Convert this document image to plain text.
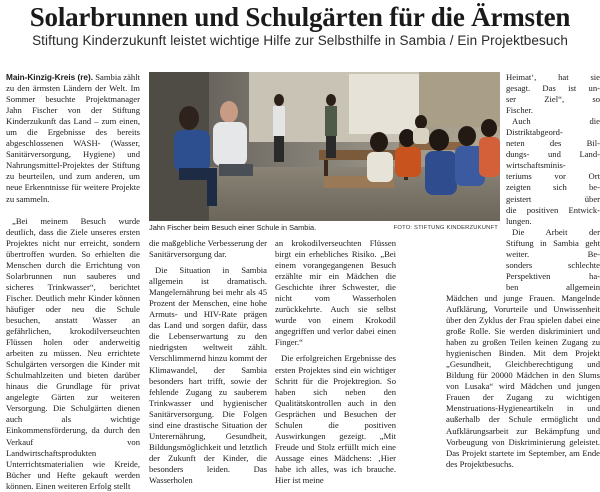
Solarbrunnen und Schulgärten für die Ärmsten
Stiftung Kinderzukunft leistet wichtige Hilfe zur Selbsthilfe in Sambia / Ein Projektbesuch

Main-Kinzig-Kreis (re). Sambia zählt zu den ärmsten Ländern der Welt. Im Sommer besuchte Projektmanager Jahn Fischer von der Stiftung Kinderzukunft das Land – zum einen, um die Ergebnisse des bereits abgeschlossenen WASH- (Wasser, Sanitärversorgung, Hygiene) und Nahrungsmittel-Projektes der Stiftung zu beurteilen, und zum anderen, um neue Erkenntnisse für weitere Projekte zu sammeln.

„Bei meinem Besuch wurde deutlich, dass die Ziele unseres ersten Projektes nicht nur erreicht, sondern übertroffen wurden. So erhielten die Menschen durch die Errichtung von Solarbrunnen nun sauberes und sicheres Trinkwasser“, berichtet Fischer. Deutlich mehr Kinder können häufiger oder neu die Schule besuchen, anstatt Wasser an gefährlichen, krokodilverseuchten Flüssen holen oder anderweitig arbeiten zu müssen. Neu errichtete Schulgärten versorgen die Kinder mit Schulmahlzeiten und bieten darüber hinaus die Grundlage für privat angelegte Gärten zur weiteren Versorgung. Die Schulgärten dienen auch als wichtige Einkommensförderung, da durch den Verkauf von Landwirtschaftsprodukten Unterrichtsmaterialien wie Kreide, Bücher und Hefte gekauft werden können. Einen weiteren Erfolg stellt

Jahn Fischer beim Besuch einer Schule in Sambia.	FOTO: STIFTUNG KINDERZUKUNFT

die maßgebliche Verbesserung der Sanitärversorgung dar.

Die Situation in Sambia allgemein ist dramatisch. Mangelernährung bei mehr als 45 Prozent der Menschen, eine hohe Armuts- und HIV-Rate prägen das Land und sorgen dafür, dass die Lebenserwartung zu den niedrigsten weltweit zählt. Verschlimmernd hinzu kommt der Klimawandel, der Sambia besonders hart trifft, sowie der fehlende Zugang zu sauberem Trinkwasser und hygienischer Sanitärversorgung. Die Folgen sind eine drastische Situation der Unterernährung, Gesundheit, Bildungsmöglichkeit und letztlich der Zukunft der Kinder, die besonders leiden. Das Wasserholen

an krokodilverseuchten Flüssen birgt ein erhebliches Risiko. „Bei einem vorangegangenen Besuch erzählte mir ein Mädchen die Geschichte ihrer Schwester, die nicht vom Wasserholen zurückkehrte. Auch sie selbst wurde von einem Krokodil angegriffen und verlor dabei einen Finger.“

Die erfolgreichen Ergebnisse des ersten Projektes sind ein wichtiger Schritt für die Projektregion. So haben sich neben den Qualitätskontrollen auch in den Gesprächen und Besuchen der Schulen die positiven Auswirkungen gezeigt. „Mit Freude und Stolz erfüllt mich eine Aussage eines Mädchens: ‚Hier habe ich alles, was ich brauche. Hier ist meine

Heimat‘, hat sie
gesagt. Das ist un-
ser Ziel“, so
Fischer.
Auch die
Distriktabgeord-
neten des Bil-
dungs- und Land-
wirtschaftsminis-
teriums vor Ort
zeigten sich be-
geistert über
die positiven Entwick-
lungen.
Die Arbeit der
Stiftung in Sambia geht
weiter. Be-
sonders schlechte
Perspektiven ha-
ben allgemein

Mädchen und junge Frauen. Mangelnde Aufklärung, Vorurteile und Unwissenheit über den Zyklus der Frau spielen dabei eine große Rolle. Sie werden diskriminiert und haben zu großen Teilen keinen Zugang zu hygienischen Binden. Mit dem Projekt „Gesundheit, Gleichberechtigung und Bildung für 20000 Mädchen in den Slums von Lusaka“ wird Mädchen und jungen Frauen der Zugang zu wichtigen Menstruations-Hygieneartikeln in und außerhalb der Schule ermöglicht und Aufklärungsarbeit zur Bekämpfung und Vorbeugung von Diskriminierung geleistet. Das Projekt startete im September, am Ende des Projektbesuchs.
